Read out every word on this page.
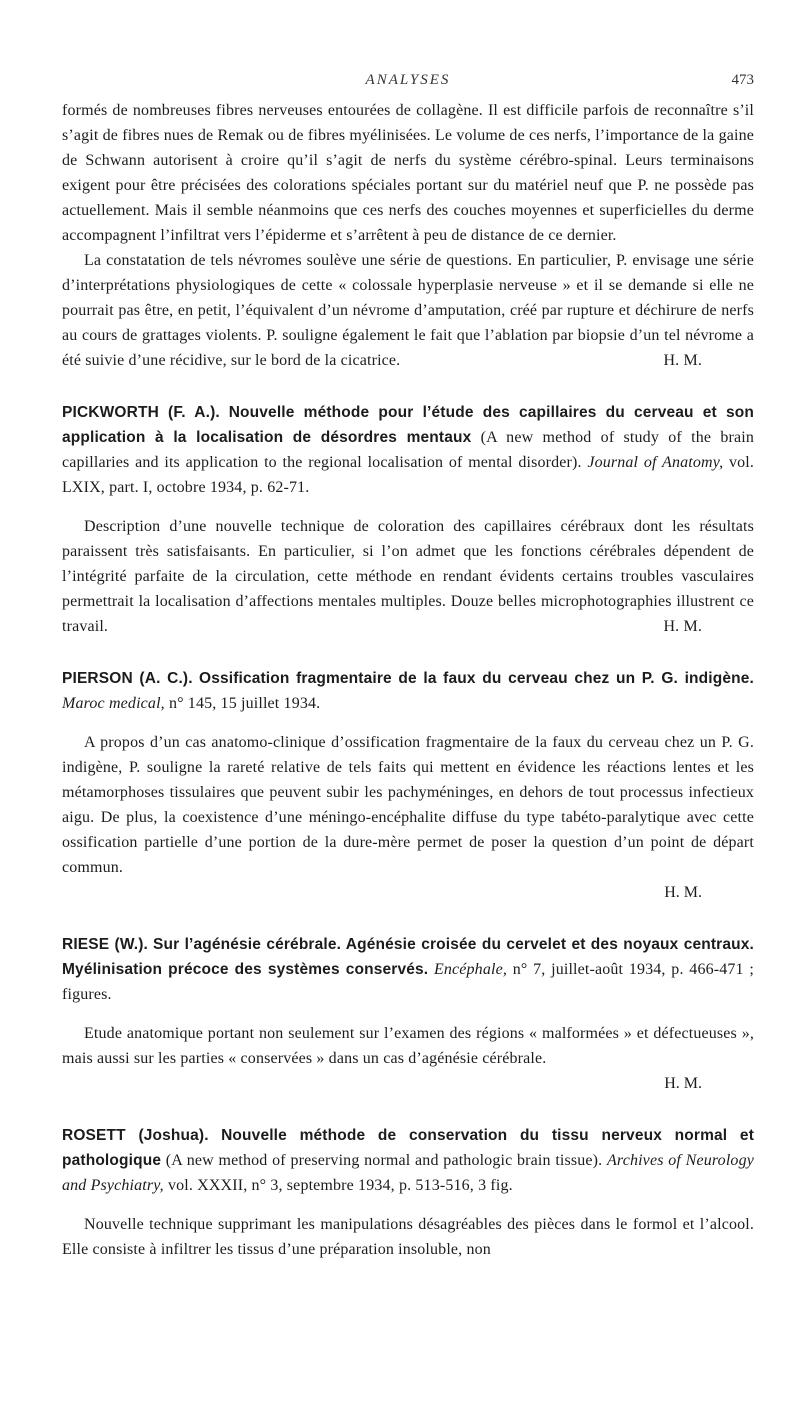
ANALYSES	473

formés de nombreuses fibres nerveuses entourées de collagène. Il est difficile parfois de reconnaître s’il s’agit de fibres nues de Remak ou de fibres myélinisées. Le volume de ces nerfs, l’importance de la gaine de Schwann autorisent à croire qu’il s’agit de nerfs du système cérébro-spinal. Leurs terminaisons exigent pour être précisées des colorations spéciales portant sur du matériel neuf que P. ne possède pas actuellement. Mais il semble néanmoins que ces nerfs des couches moyennes et superficielles du derme accompagnent l’infiltrat vers l’épiderme et s’arrêtent à peu de distance de ce dernier.

La constatation de tels névromes soulève une série de questions. En particulier, P. envisage une série d’interprétations physiologiques de cette « colossale hyperplasie nerveuse » et il se demande si elle ne pourrait pas être, en petit, l’équivalent d’un névrome d’amputation, créé par rupture et déchirure de nerfs au cours de grattages violents. P. souligne également le fait que l’ablation par biopsie d’un tel névrome a été suivie d’une récidive, sur le bord de la cicatrice.	H. M.

PICKWORTH (F. A.). Nouvelle méthode pour l’étude des capillaires du cerveau et son application à la localisation de désordres mentaux (A new method of study of the brain capillaries and its application to the regional localisation of mental disorder). Journal of Anatomy, vol. LXIX, part. I, octobre 1934, p. 62-71.

Description d’une nouvelle technique de coloration des capillaires cérébraux dont les résultats paraissent très satisfaisants. En particulier, si l’on admet que les fonctions cérébrales dépendent de l’intégrité parfaite de la circulation, cette méthode en rendant évidents certains troubles vasculaires permettrait la localisation d’affections mentales multiples. Douze belles microphotographies illustrent ce travail.	H. M.

PIERSON (A. C.). Ossification fragmentaire de la faux du cerveau chez un P. G. indigène. Maroc medical, n° 145, 15 juillet 1934.

A propos d’un cas anatomo-clinique d’ossification fragmentaire de la faux du cerveau chez un P. G. indigène, P. souligne la rareté relative de tels faits qui mettent en évidence les réactions lentes et les métamorphoses tissulaires que peuvent subir les pachyméninges, en dehors de tout processus infectieux aigu. De plus, la coexistence d’une méningo-encéphalite diffuse du type tabéto-paralytique avec cette ossification partielle d’une portion de la dure-mère permet de poser la question d’un point de départ commun.

H. M.

RIESE (W.). Sur l’agénésie cérébrale. Agénésie croisée du cervelet et des noyaux centraux. Myélinisation précoce des systèmes conservés. Encéphale, n° 7, juillet-août 1934, p. 466-471 ; figures.

Etude anatomique portant non seulement sur l’examen des régions « malformées » et défectueuses », mais aussi sur les parties « conservées » dans un cas d’agénésie cérébrale.

H. M.

ROSETT (Joshua). Nouvelle méthode de conservation du tissu nerveux normal et pathologique (A new method of preserving normal and pathologic brain tissue). Archives of Neurology and Psychiatry, vol. XXXII, n° 3, septembre 1934, p. 513-516, 3 fig.

Nouvelle technique supprimant les manipulations désagréables des pièces dans le formol et l’alcool. Elle consiste à infiltrer les tissus d’une préparation insoluble, non
